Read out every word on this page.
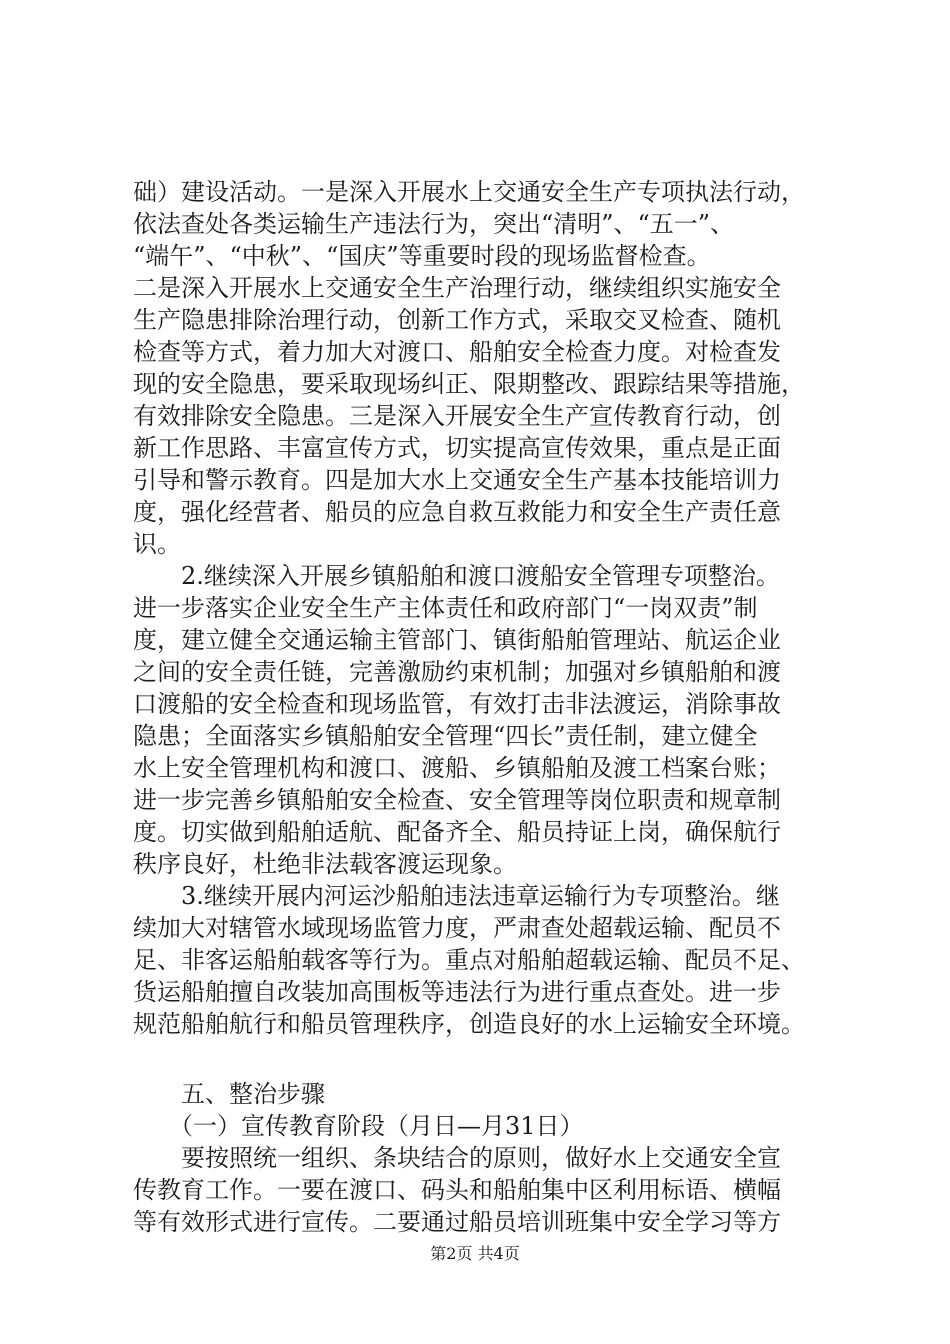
础）建设活动。一是深入开展水上交通安全生产专项执法行动，
依法查处各类运输生产违法行为，突出“清明”、“五一”、
“端午”、“中秋”、“国庆”等重要时段的现场监督检查。
二是深入开展水上交通安全生产治理行动，继续组织实施安全
生产隐患排除治理行动，创新工作方式，采取交叉检查、随机
检查等方式，着力加大对渡口、船舶安全检查力度。对检查发
现的安全隐患，要采取现场纠正、限期整改、跟踪结果等措施，
有效排除安全隐患。三是深入开展安全生产宣传教育行动，创
新工作思路、丰富宣传方式，切实提高宣传效果，重点是正面
引导和警示教育。四是加大水上交通安全生产基本技能培训力
度，强化经营者、船员的应急自救互救能力和安全生产责任意
识。
　　2.继续深入开展乡镇船舶和渡口渡船安全管理专项整治。
进一步落实企业安全生产主体责任和政府部门“一岗双责”制
度，建立健全交通运输主管部门、镇街船舶管理站、航运企业
之间的安全责任链，完善激励约束机制；加强对乡镇船舶和渡
口渡船的安全检查和现场监管，有效打击非法渡运，消除事故
隐患；全面落实乡镇船舶安全管理“四长”责任制，建立健全
水上安全管理机构和渡口、渡船、乡镇船舶及渡工档案台账；
进一步完善乡镇船舶安全检查、安全管理等岗位职责和规章制
度。切实做到船舶适航、配备齐全、船员持证上岗，确保航行
秩序良好，杜绝非法载客渡运现象。
　　3.继续开展内河运沙船舶违法违章运输行为专项整治。继
续加大对辖管水域现场监管力度，严肃查处超载运输、配员不
足、非客运船舶载客等行为。重点对船舶超载运输、配员不足、
货运船舶擅自改装加高围板等违法行为进行重点查处。进一步
规范船舶航行和船员管理秩序，创造良好的水上运输安全环境。
　　五、整治步骤
　　（一）宣传教育阶段（月日—月31日）
　　要按照统一组织、条块结合的原则，做好水上交通安全宣
传教育工作。一要在渡口、码头和船舶集中区利用标语、横幅
等有效形式进行宣传。二要通过船员培训班集中安全学习等方
第2页 共4页
